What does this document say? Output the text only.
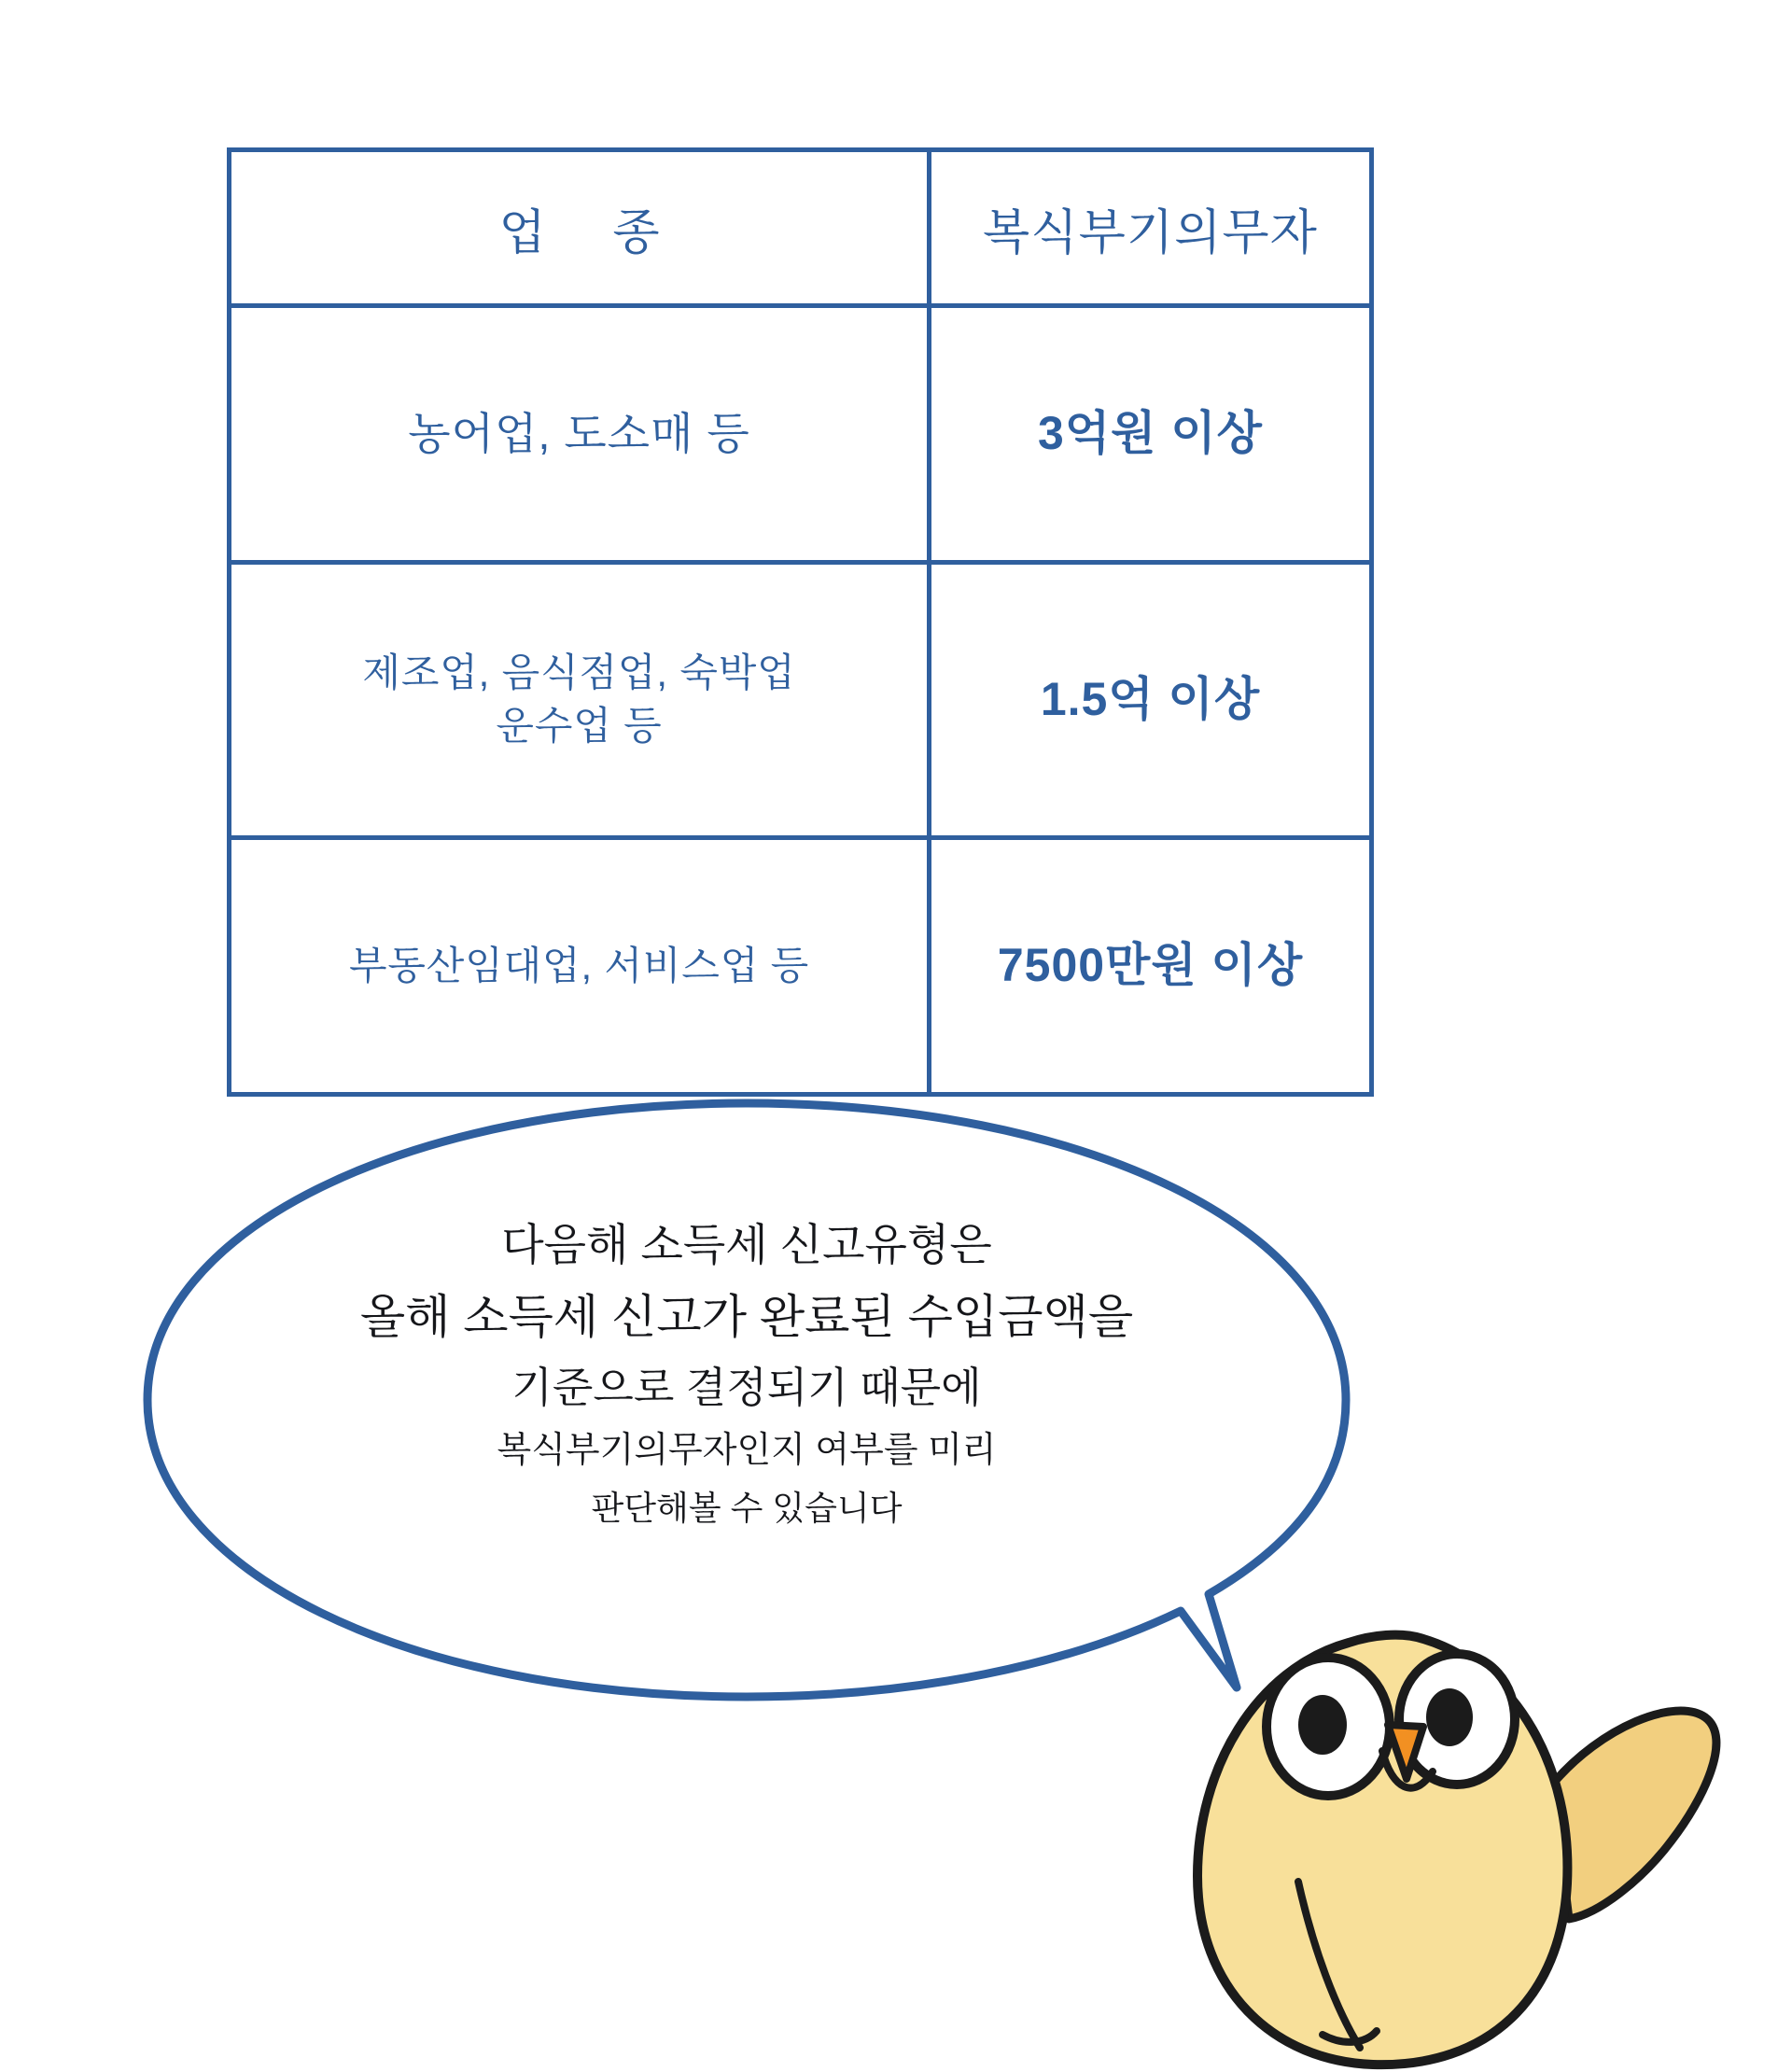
업 종	복식부기의무자
농어업, 도소매 등	3억원 이상

제조업, 음식점업, 숙박업
운수업 등	1.5억 이상
부동산임대업, 서비스업 등	7500만원 이상
다음해 소득세 신고유형은
올해 소득세 신고가 완료된 수입금액을
기준으로 결정되기 때문에
복식부기의무자인지 여부를 미리
판단해볼 수 있습니다
